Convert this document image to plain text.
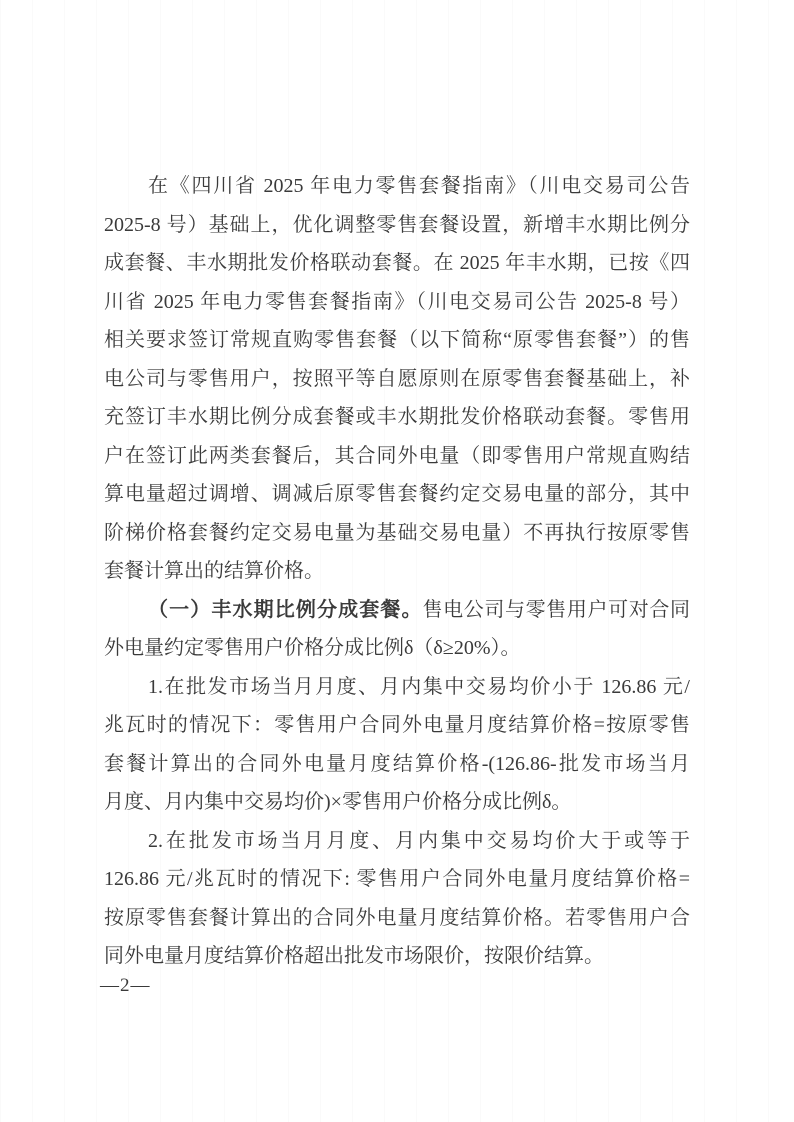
在《四川省 2025 年电力零售套餐指南》（川电交易司公告
2025-8 号）基础上，优化调整零售套餐设置，新增丰水期比例分
成套餐、丰水期批发价格联动套餐。在 2025 年丰水期，已按《四
川省 2025 年电力零售套餐指南》（川电交易司公告 2025-8 号）
相关要求签订常规直购零售套餐（以下简称“原零售套餐”）的售
电公司与零售用户，按照平等自愿原则在原零售套餐基础上，补
充签订丰水期比例分成套餐或丰水期批发价格联动套餐。零售用
户在签订此两类套餐后，其合同外电量（即零售用户常规直购结
算电量超过调增、调减后原零售套餐约定交易电量的部分，其中
阶梯价格套餐约定交易电量为基础交易电量）不再执行按原零售
套餐计算出的结算价格。
（一）丰水期比例分成套餐。售电公司与零售用户可对合同
外电量约定零售用户价格分成比例δ（δ≥20%）。
1.在批发市场当月月度、月内集中交易均价小于 126.86 元/
兆瓦时的情况下：零售用户合同外电量月度结算价格=按原零售
套餐计算出的合同外电量月度结算价格-(126.86-批发市场当月
月度、月内集中交易均价)×零售用户价格分成比例δ。
2.在批发市场当月月度、月内集中交易均价大于或等于
126.86 元/兆瓦时的情况下: 零售用户合同外电量月度结算价格=
按原零售套餐计算出的合同外电量月度结算价格。若零售用户合
同外电量月度结算价格超出批发市场限价，按限价结算。
—2—
